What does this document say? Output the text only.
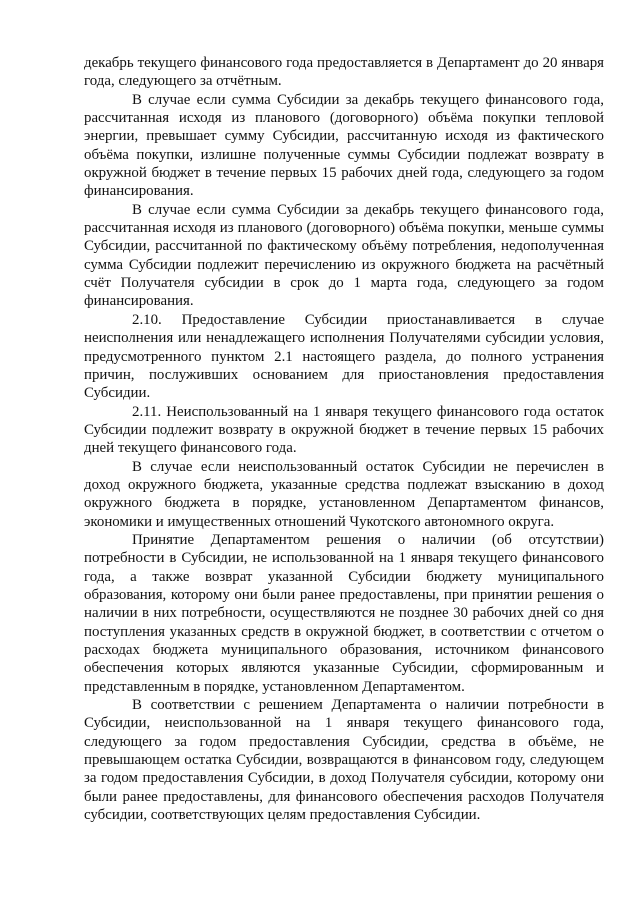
декабрь текущего финансового года предоставляется в Департамент до 20 января года, следующего за отчётным.

В случае если сумма Субсидии за декабрь текущего финансового года, рассчитанная исходя из планового (договорного) объёма покупки тепловой энергии, превышает сумму Субсидии, рассчитанную исходя из фактического объёма покупки, излишне полученные суммы Субсидии подлежат возврату в окружной бюджет в течение первых 15 рабочих дней года, следующего за годом финансирования.

В случае если сумма Субсидии за декабрь текущего финансового года, рассчитанная исходя из планового (договорного) объёма покупки, меньше суммы Субсидии, рассчитанной по фактическому объёму потребления, недополученная сумма Субсидии подлежит перечислению из окружного бюджета на расчётный счёт Получателя субсидии в срок до 1 марта года, следующего за годом финансирования.

2.10. Предоставление Субсидии приостанавливается в случае неисполнения или ненадлежащего исполнения Получателями субсидии условия, предусмотренного пунктом 2.1 настоящего раздела, до полного устранения причин, послуживших основанием для приостановления предоставления Субсидии.

2.11. Неиспользованный на 1 января текущего финансового года остаток Субсидии подлежит возврату в окружной бюджет в течение первых 15 рабочих дней текущего финансового года.

В случае если неиспользованный остаток Субсидии не перечислен в доход окружного бюджета, указанные средства подлежат взысканию в доход окружного бюджета в порядке, установленном Департаментом финансов, экономики и имущественных отношений Чукотского автономного округа.

Принятие Департаментом решения о наличии (об отсутствии) потребности в Субсидии, не использованной на 1 января текущего финансового года, а также возврат указанной Субсидии бюджету муниципального образования, которому они были ранее предоставлены, при принятии решения о наличии в них потребности, осуществляются не позднее 30 рабочих дней со дня поступления указанных средств в окружной бюджет, в соответствии с отчетом о расходах бюджета муниципального образования, источником финансового обеспечения которых являются указанные Субсидии, сформированным и представленным в порядке, установленном Департаментом.

В соответствии с решением Департамента о наличии потребности в Субсидии, неиспользованной на 1 января текущего финансового года, следующего за годом предоставления Субсидии, средства в объёме, не превышающем остатка Субсидии, возвращаются в финансовом году, следующем за годом предоставления Субсидии, в доход Получателя субсидии, которому они были ранее предоставлены, для финансового обеспечения расходов Получателя субсидии, соответствующих целям предоставления Субсидии.
